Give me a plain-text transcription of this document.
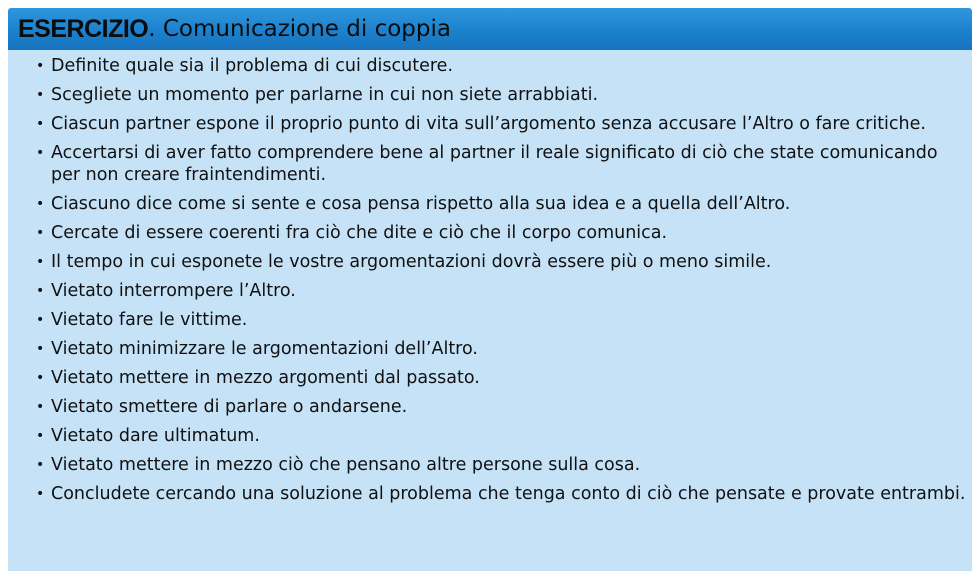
ESERCIZIO . Comunicazione di coppia
• Definite quale sia il problema di cui discutere.
• Scegliete un momento per parlarne in cui non siete arrabbiati.
• Ciascun partner espone il proprio punto di vita sull’argomento senza accusare l’Altro o fare critiche.
• Accertarsi di aver fatto comprendere bene al partner il reale significato di ciò che state comunicando per non creare fraintendimenti.
• Ciascuno dice come si sente e cosa pensa rispetto alla sua idea e a quella dell’Altro.
• Cercate di essere coerenti fra ciò che dite e ciò che il corpo comunica.
• Il tempo in cui esponete le vostre argomentazioni dovrà essere più o meno simile.
• Vietato interrompere l’Altro.
• Vietato fare le vittime.
• Vietato minimizzare le argomentazioni dell’Altro.
• Vietato mettere in mezzo argomenti dal passato.
• Vietato smettere di parlare o andarsene.
• Vietato dare ultimatum.
• Vietato mettere in mezzo ciò che pensano altre persone sulla cosa.
• Concludete cercando una soluzione al problema che tenga conto di ciò che pensate e provate entrambi.
